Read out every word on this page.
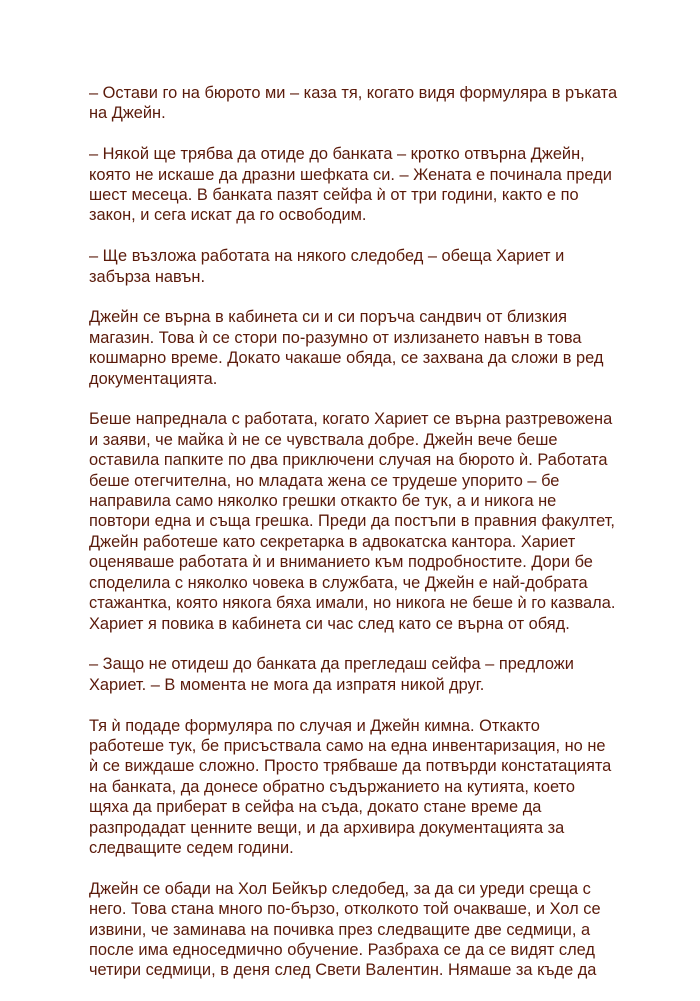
– Остави го на бюрото ми – каза тя, когато видя формуляра в ръката
на Джейн.

– Някой ще трябва да отиде до банката – кротко отвърна Джейн,
която не искаше да дразни шефката си. – Жената е починала преди
шест месеца. В банката пазят сейфа ѝ от три години, както е по
закон, и сега искат да го освободим.

– Ще възложа работата на някого следобед – обеща Хариет и
забърза навън.

Джейн се върна в кабинета си и си поръча сандвич от близкия
магазин. Това ѝ се стори по-разумно от излизането навън в това
кошмарно време. Докато чакаше обяда, се захвана да сложи в ред
документацията.

Беше напреднала с работата, когато Хариет се върна разтревожена
и заяви, че майка ѝ не се чувствала добре. Джейн вече беше
оставила папките по два приключени случая на бюрото ѝ. Работата
беше отегчителна, но младата жена се трудеше упорито – бе
направила само няколко грешки откакто бе тук, а и никога не
повтори една и съща грешка. Преди да постъпи в правния факултет,
Джейн работеше като секретарка в адвокатска кантора. Хариет
оценяваше работата ѝ и вниманието към подробностите. Дори бе
споделила с няколко човека в службата, че Джейн е най-добрата
стажантка, която някога бяха имали, но никога не беше ѝ го казвала.
Хариет я повика в кабинета си час след като се върна от обяд.

– Защо не отидеш до банката да прегледаш сейфа – предложи
Хариет. – В момента не мога да изпратя никой друг.

Тя ѝ подаде формуляра по случая и Джейн кимна. Откакто
работеше тук, бе присъствала само на една инвентаризация, но не
ѝ се виждаше сложно. Просто трябваше да потвърди констатацията
на банката, да донесе обратно съдържанието на кутията, което
щяха да приберат в сейфа на съда, докато стане време да
разпродадат ценните вещи, и да архивира документацията за
следващите седем години.

Джейн се обади на Хол Бейкър следобед, за да си уреди среща с
него. Това стана много по-бързо, отколкото той очакваше, и Хол се
извини, че заминава на почивка през следващите две седмици, а
после има едноседмично обучение. Разбраха се да се видят след
четири седмици, в деня след Свети Валентин. Нямаше за къде да
